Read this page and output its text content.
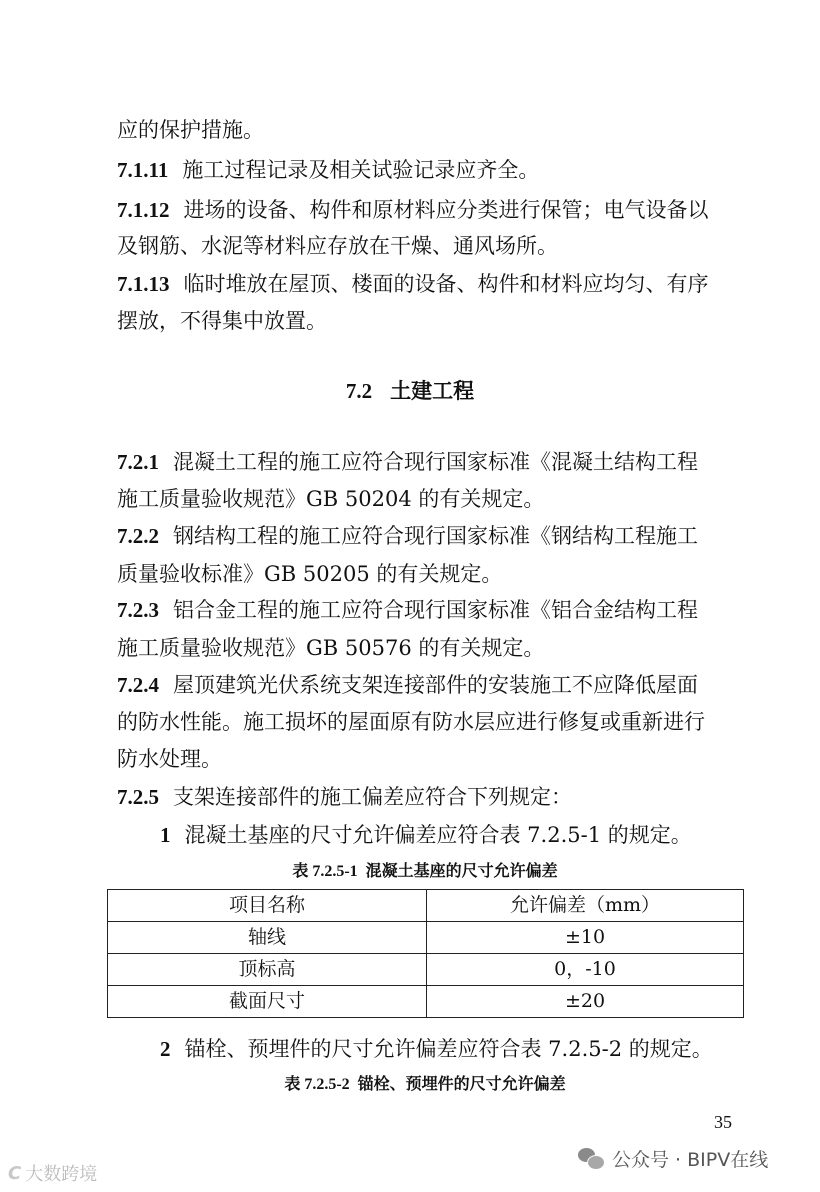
应的保护措施。
7.1.11 施工过程记录及相关试验记录应齐全。
7.1.12 进场的设备、构件和原材料应分类进行保管；电气设备以
及钢筋、水泥等材料应存放在干燥、通风场所。
7.1.13 临时堆放在屋顶、楼面的设备、构件和材料应均匀、有序
摆放，不得集中放置。
7.2 土建工程
7.2.1 混凝土工程的施工应符合现行国家标准《混凝土结构工程
施工质量验收规范》GB 50204 的有关规定。
7.2.2 钢结构工程的施工应符合现行国家标准《钢结构工程施工
质量验收标准》GB 50205 的有关规定。
7.2.3 铝合金工程的施工应符合现行国家标准《铝合金结构工程
施工质量验收规范》GB 50576 的有关规定。
7.2.4 屋顶建筑光伏系统支架连接部件的安装施工不应降低屋面
的防水性能。施工损坏的屋面原有防水层应进行修复或重新进行
防水处理。
7.2.5 支架连接部件的施工偏差应符合下列规定：
1 混凝土基座的尺寸允许偏差应符合表 7.2.5-1 的规定。
表 7.2.5-1 混凝土基座的尺寸允许偏差
项目名称	允许偏差（mm）
轴线	±10
顶标高	0，-10
截面尺寸	±20
2 锚栓、预埋件的尺寸允许偏差应符合表 7.2.5-2 的规定。
表 7.2.5-2 锚栓、预埋件的尺寸允许偏差
35
公众号 · BIPV在线
C 大数跨境
